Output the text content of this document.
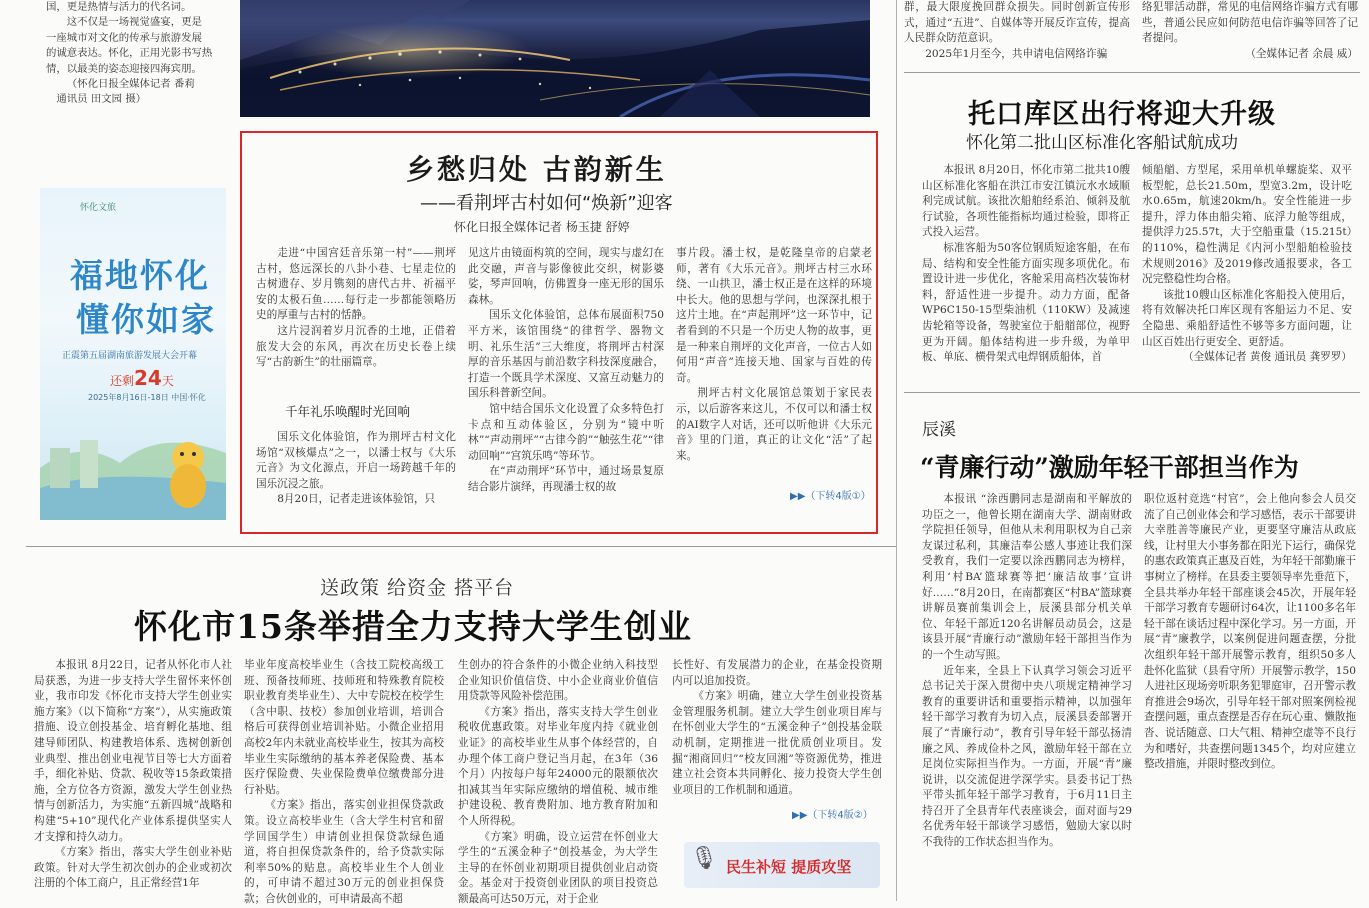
国，更是热情与活力的代名词。
这不仅是一场视觉盛宴，更是
一座城市对文化的传承与旅游发展
的诚意表达。怀化，正用光影书写热
情，以最美的姿态迎接四海宾朋。
（怀化日报全媒体记者 番莉
通讯员 田文园 摄）
怀化文旅
福地怀化
懂你如家
正震第五届湖南旅游发展大会开幕
还剩24天
2025年8月16日-18日 中国·怀化
乡愁归处 古韵新生
——看荆坪古村如何“焕新”迎客
怀化日报全媒体记者 杨玉捷 舒婷

走进“中国宫廷音乐第一村”——荆坪古村，悠远深长的八卦小巷、七星走位的古树遗存、岁月镌刻的唐代古井、祈福平安的太极石鱼……每行走一步都能领略历史的厚重与古村的恬静。

这片浸润着岁月沉香的土地，正借着旅发大会的东风，再次在历史长卷上续写“古韵新生”的壮丽篇章。

千年礼乐唤醒时光回响

国乐文化体验馆，作为荆坪古村文化场馆“双核爆点”之一，以潘士权与《大乐元音》为文化源点，开启一场跨越千年的国乐沉浸之旅。

8月20日，记者走进该体验馆，只

见这片由镜面构筑的空间，现实与虚幻在此交融，声音与影像彼此交织，树影婆娑，琴声回响，仿佛置身一座无形的国乐森林。

国乐文化体验馆，总体布展面积750平方米，该馆围绕“的律哲学、器物文明、礼乐生活”三大维度，将荆坪古村深厚的音乐基因与前沿数字科技深度融合，打造一个既具学术深度、又富互动魅力的国乐科普新空间。

馆中结合国乐文化设置了众多特色打卡点和互动体验区，分别为“镜中听林”“声动荆坪”“古律今韵”“触弦生花”“律动回响”“宫筑乐鸣”等环节。

在“声动荆坪”环节中，通过场景复原结合影片演绎，再现潘士权的故

事片段。潘士权，是乾隆皇帝的启蒙老师，著有《大乐元音》。荆坪古村三水环绕、一山拱卫，潘士权正是在这样的环境中长大。他的思想与学问，也深深扎根于这片土地。在“声起荆坪”这一环节中，记者看到的不只是一个历史人物的故事，更是一种来自荆坪的文化声音，一位古人如何用“声音”连接天地、国家与百姓的传奇。

荆坪古村文化展馆总策划于家民表示，以后游客来这儿，不仅可以和潘士权的AI数字人对话，还可以听他讲《大乐元音》里的门道，真正的让文化“活”了起来。

▶▶（下转4版①）
送政策 给资金 搭平台
怀化市15条举措全力支持大学生创业

本报讯 8月22日，记者从怀化市人社局获悉，为进一步支持大学生留怀来怀创业，我市印发《怀化市支持大学生创业实施方案》（以下简称“方案”），从实施政策措施、设立创投基金、培育孵化基地、组建导师团队、构建教培体系、选树创新创业典型、推出创业电视节目等七大方面着手，细化补贴、贷款、税收等15条政策措施，全方位各方资源，激发大学生创业热情与创新活力，为实施“五新四城”战略和构建“5+10”现代化产业体系提供坚实人才支撑和持久动力。

《方案》指出，落实大学生创业补贴政策。针对大学生初次创办的企业或初次注册的个体工商户，且正常经营1年

毕业年度高校毕业生（含技工院校高级工班、预备技师班、技师班和特殊教育院校职业教育类毕业生）、大中专院校在校学生（含中职、技校）参加创业培训，培训合格后可获得创业培训补贴。小微企业招用高校2年内未就业高校毕业生，按其为高校毕业生实际缴纳的基本养老保险费、基本医疗保险费、失业保险费单位缴费部分进行补贴。

《方案》指出，落实创业担保贷款政策。设立高校毕业生（含大学生村官和留学回国学生）申请创业担保贷款绿色通道，将自担保贷款条件的，给予贷款实际利率50%的贴息。高校毕业生个人创业的，可申请不超过30万元的创业担保贷款；合伙创业的，可申请最高不超

生创办的符合条件的小微企业纳入科技型企业知识价值信贷、中小企业商业价值信用贷款等风险补偿范围。

《方案》指出，落实支持大学生创业税收优惠政策。对毕业年度内持《就业创业证》的高校毕业生从事个体经营的，自办理个体工商户登记当月起，在3年（36个月）内按每户每年24000元的限额依次扣减其当年实际应缴纳的增值税、城市维护建设税、教育费附加、地方教育附加和个人所得税。

《方案》明确，设立运营在怀创业大学生的“五溪金种子”创投基金，为大学生主导的在怀创业初期项目提供创业启动资金。基金对于投资创业团队的项目投资总额最高可达50万元，对于企业

长性好、有发展潜力的企业，在基金投资期内可以追加投资。

《方案》明确，建立大学生创业投资基金管理服务机制。建立大学生创业项目库与在怀创业大学生的“五溪金种子”创投基金联动机制，定期推进一批优质创业项目。发掘“湘商回归”“校友回湘”等资源优势，推进建立社会资本共同孵化、接力投资大学生创业项目的工作机制和通道。

▶▶（下转4版②）
🎙 民生补短 提质攻坚

群，最大限度挽回群众损失。同时创新宣传形式，通过“五进”、自媒体等开展反诈宣传，提高人民群众防范意识。

2025年1月至今，共申请电信网络诈骗

络犯罪活动群，常见的电信网络诈骗方式有哪些，普通公民应如何防范电信诈骗等回答了记者提问。

（全媒体记者 余晨 威）

托口库区出行将迎大升级
怀化第二批山区标准化客船试航成功

本报讯 8月20日，怀化市第二批共10艘山区标准化客船在洪江市安江镇沅水水域顺利完成试航。该批次船舶经系泊、倾斜及航行试验，各项性能指标均通过检验，即将正式投入运营。

标准客船为50客位钢质短途客船，在布局、结构和安全性能方面实现多项优化。布置设计进一步优化，客舱采用高档次装饰材料，舒适性进一步提升。动力方面，配备WP6C150-15型柴油机（110KW）及减速齿轮箱等设备，驾驶室位于船艏部位，视野更为开阔。船体结构进一步升级，为单甲板、单底、横骨架式电焊钢质船体，首

倾船艏、方型尾，采用单机单螺旋桨、双平板型舵，总长21.50m，型宽3.2m，设计吃水0.65m，航速20km/h。安全性能进一步提升，浮力体由船尖箱、底浮力舱等组成，提供浮力25.57t，大于空船重量（15.215t）的110%，稳性满足《内河小型船舶检验技术规则2016》及2019修改通报要求，各工况完整稳性均合格。

该批10艘山区标准化客船投入使用后，将有效解决托口库区现有客船运力不足、安全隐患、乘船舒适性不够等多方面问题，让山区百姓出行更安全、更舒适。

（全媒体记者 黄俊 通讯员 龚罗罗）

辰溪
“青廉行动”激励年轻干部担当作为

本报讯 “涂西鹏同志是湖南和平解放的功臣之一，他曾长期在湖南大学、湖南财政学院担任领导，但他从未利用职权为自己亲友谋过私利，其廉洁奉公感人事迹让我们深受教育，我们一定要以涂西鹏同志为榜样，利用‘村BA’篮球赛等把‘廉洁故事’宣讲好……”8月20日，在南都赛区“村BA”篮球赛讲解员赛前集训会上，辰溪县部分机关单位、年轻干部近120名讲解员动员会，这是该县开展“青廉行动”激励年轻干部担当作为的一个生动写照。

近年来，全县上下认真学习领会习近平总书记关于深入贯彻中央八项规定精神学习教育的重要讲话和重要指示精神，以加强年轻干部学习教育为切入点，辰溪县委部署开展了“青廉行动”，教育引导年轻干部弘扬清廉之风、养成俭朴之风，激励年轻干部在立足岗位实际担当作为。一方面，开展“青”廉说讲，以交流促进学深学实。县委书记丁热平带头抓年轻干部学习教育，于6月11日主持召开了全县青年代表座谈会，面对面与29名优秀年轻干部谈学习感悟，勉励大家以时不我待的工作状态担当作为。

职位返村竞选“村官”，会上他向参会人员交流了自己创业体会和学习感悟，表示干部要讲大幸胜善等廉民产业，更要坚守廉洁从政底线，让村里大小事务都在阳光下运行，确保党的惠农政策真正惠及百姓，为年轻干部勤廉干事树立了榜样。在县委主要领导率先垂范下，全县共举办年轻干部座谈会45次，开展年轻干部学习教育专题研讨64次，让1100多名年轻干部在谈话过程中深化学习。另一方面，开展“青”廉教学，以案例促进问题查摆，分批次组织年轻干部开展警示教育，组织50多人赴怀化监狱（县看守所）开展警示教学，150人进社区现场旁听职务犯罪庭审，召开警示教育推进会9场次，引导年轻干部对照案例检视查摆问题，重点查摆是否存在玩心重、懒散拖沓、说话随意、口大气粗、精神空虚等不良行为和嗜好，共查摆问题1345个，均对应建立整改措施，并限时整改到位。
